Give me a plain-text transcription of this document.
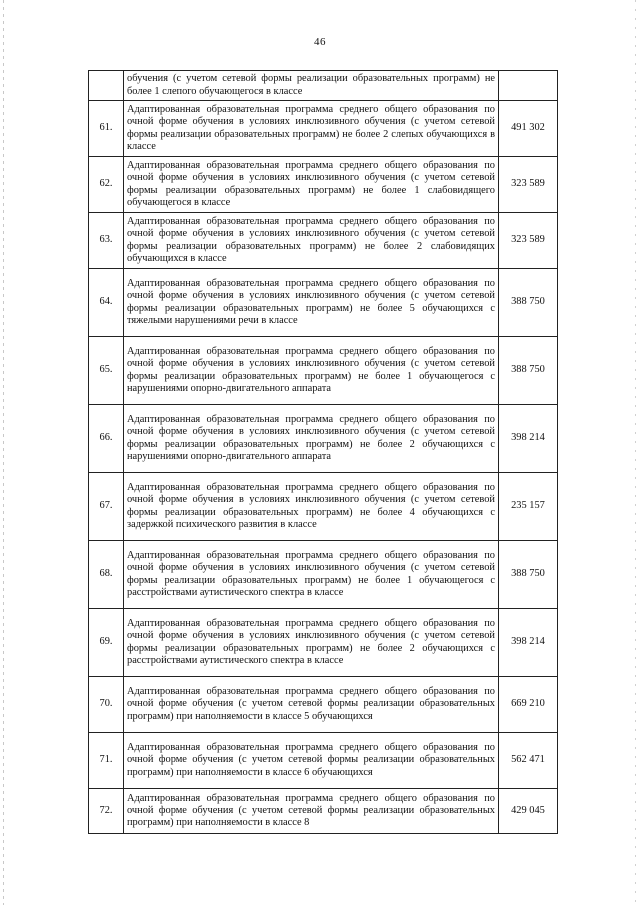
46
	обучения (с учетом сетевой формы реализации образовательных программ) не более 1 слепого обучающегося в классе	
61.	Адаптированная образовательная программа среднего общего образования по очной форме обучения в условиях инклюзивного обучения (с учетом сетевой формы реализации образовательных программ) не более 2 слепых обучающихся в классе	491 302
62.	Адаптированная образовательная программа среднего общего образования по очной форме обучения в условиях инклюзивного обучения (с учетом сетевой формы реализации образовательных программ) не более 1 слабовидящего обучающегося в классе	323 589
63.	Адаптированная образовательная программа среднего общего образования по очной форме обучения в условиях инклюзивного обучения (с учетом сетевой формы реализации образовательных программ) не более 2 слабовидящих обучающихся в классе	323 589
64.	Адаптированная образовательная программа среднего общего образования по очной форме обучения в условиях инклюзивного обучения (с учетом сетевой формы реализации образовательных программ) не более 5 обучающихся с тяжелыми нарушениями речи в классе	388 750
65.	Адаптированная образовательная программа среднего общего образования по очной форме обучения в условиях инклюзивного обучения (с учетом сетевой формы реализации образовательных программ) не более 1 обучающегося с нарушениями опорно-двигательного аппарата	388 750
66.	Адаптированная образовательная программа среднего общего образования по очной форме обучения в условиях инклюзивного обучения (с учетом сетевой формы реализации образовательных программ) не более 2 обучающихся с нарушениями опорно-двигательного аппарата	398 214
67.	Адаптированная образовательная программа среднего общего образования по очной форме обучения в условиях инклюзивного обучения (с учетом сетевой формы реализации образовательных программ) не более 4 обучающихся с задержкой психического развития в классе	235 157
68.	Адаптированная образовательная программа среднего общего образования по очной форме обучения в условиях инклюзивного обучения (с учетом сетевой формы реализации образовательных программ) не более 1 обучающегося с расстройствами аутистического спектра в классе	388 750
69.	Адаптированная образовательная программа среднего общего образования по очной форме обучения в условиях инклюзивного обучения (с учетом сетевой формы реализации образовательных программ) не более 2 обучающихся с расстройствами аутистического спектра в классе	398 214
70.	Адаптированная образовательная программа среднего общего образования по очной форме обучения (с учетом сетевой формы реализации образовательных программ) при наполняемости в классе 5 обучающихся	669 210
71.	Адаптированная образовательная программа среднего общего образования по очной форме обучения (с учетом сетевой формы реализации образовательных программ) при наполняемости в классе 6 обучающихся	562 471
72.	Адаптированная образовательная программа среднего общего образования по очной форме обучения (с учетом сетевой формы реализации образовательных программ) при наполняемости в классе 8	429 045
